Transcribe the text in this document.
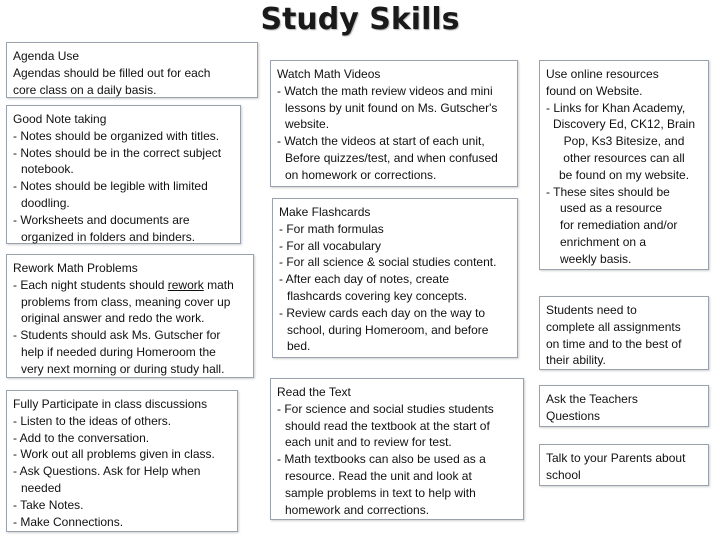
Study Skills
Agenda Use
Agendas should be filled out for each
core class on a daily basis.
Good Note taking
- Notes should be organized with titles.
- Notes should be in the correct subject
notebook.
- Notes should be legible with limited
doodling.
- Worksheets and documents are
organized in folders and binders.
Rework Math Problems
- Each night students should rework math
problems from class, meaning cover up
original answer and redo the work.
- Students should ask Ms. Gutscher for
help if needed during Homeroom the
very next morning or during study hall.
Fully Participate in class discussions
- Listen to the ideas of others.
- Add to the conversation.
- Work out all problems given in class.
- Ask Questions. Ask for Help when
needed
- Take Notes.
- Make Connections.
Watch Math Videos
- Watch the math review videos and mini
lessons by unit found on Ms. Gutscher's
website.
- Watch the videos at start of each unit,
Before quizzes/test, and when confused
on homework or corrections.
Make Flashcards
- For math formulas
- For all vocabulary
- For all science & social studies content.
- After each day of notes, create
flashcards covering key concepts.
- Review cards each day on the way to
school, during Homeroom, and before
bed.
Read the Text
- For science and social studies students
should read the textbook at the start of
each unit and to review for test.
- Math textbooks can also be used as a
resource. Read the unit and look at
sample problems in text to help with
homework and corrections.
Use online resources
found on Website.
- Links for Khan Academy,
Discovery Ed, CK12, Brain
Pop, Ks3 Bitesize, and
other resources can all
be found on my website.
- These sites should be
used as a resource
for remediation and/or
enrichment on a
weekly basis.
Students need to
complete all assignments
on time and to the best of
their ability.
Ask the Teachers
Questions
Talk to your Parents about
school
